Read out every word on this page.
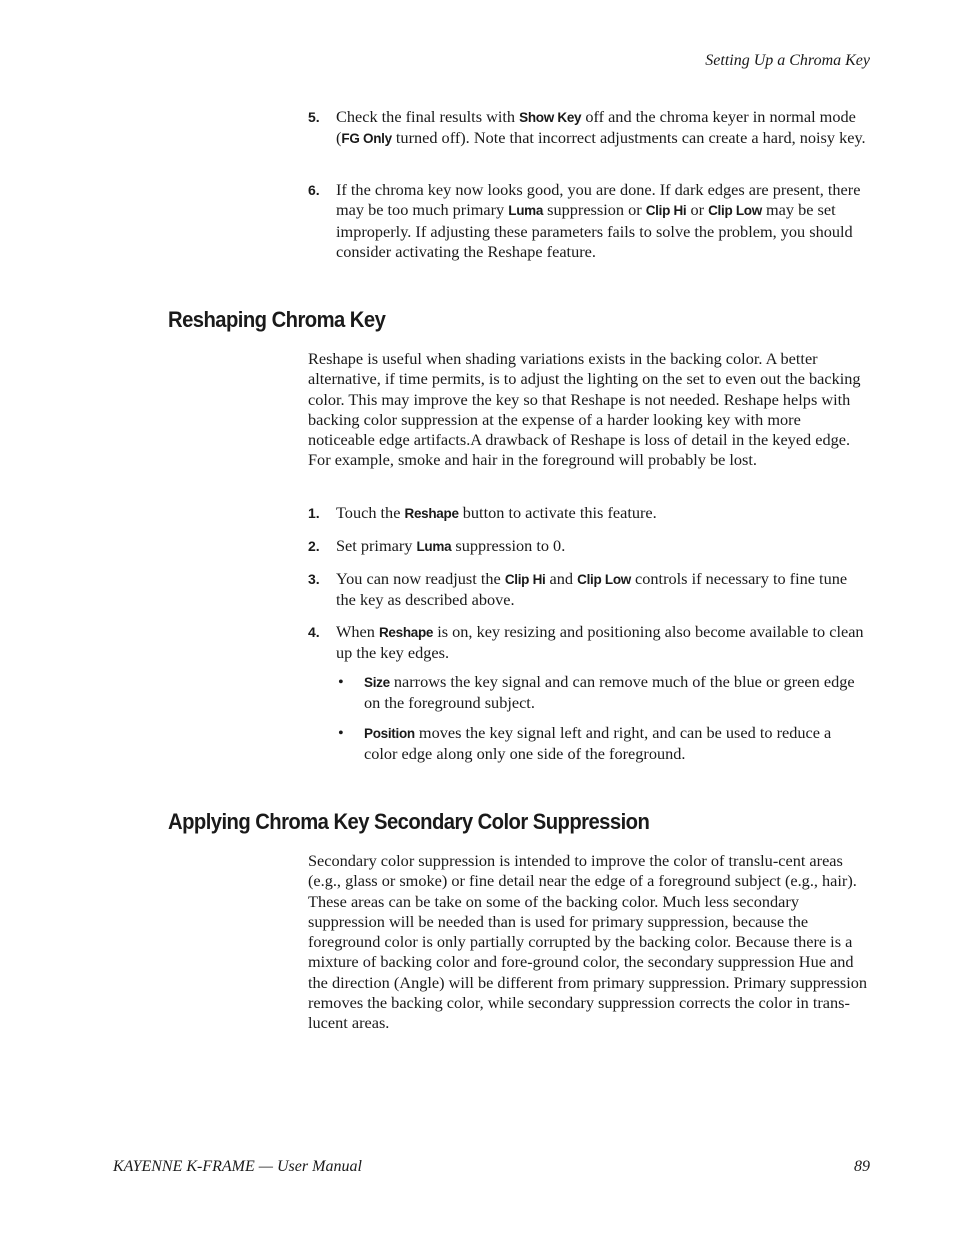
Setting Up a Chroma Key
5. Check the final results with Show Key off and the chroma keyer in normal mode (FG Only turned off). Note that incorrect adjustments can create a hard, noisy key.
6. If the chroma key now looks good, you are done. If dark edges are present, there may be too much primary Luma suppression or Clip Hi or Clip Low may be set improperly. If adjusting these parameters fails to solve the problem, you should consider activating the Reshape feature.
Reshaping Chroma Key
Reshape is useful when shading variations exists in the backing color. A better alternative, if time permits, is to adjust the lighting on the set to even out the backing color. This may improve the key so that Reshape is not needed. Reshape helps with backing color suppression at the expense of a harder looking key with more noticeable edge artifacts.A drawback of Reshape is loss of detail in the keyed edge. For example, smoke and hair in the foreground will probably be lost.
1. Touch the Reshape button to activate this feature.
2. Set primary Luma suppression to 0.
3. You can now readjust the Clip Hi and Clip Low controls if necessary to fine tune the key as described above.
4. When Reshape is on, key resizing and positioning also become available to clean up the key edges.
• Size narrows the key signal and can remove much of the blue or green edge on the foreground subject.
• Position moves the key signal left and right, and can be used to reduce a color edge along only one side of the foreground.
Applying Chroma Key Secondary Color Suppression
Secondary color suppression is intended to improve the color of translu-cent areas (e.g., glass or smoke) or fine detail near the edge of a foreground subject (e.g., hair). These areas can be take on some of the backing color. Much less secondary suppression will be needed than is used for primary suppression, because the foreground color is only partially corrupted by the backing color. Because there is a mixture of backing color and fore-ground color, the secondary suppression Hue and the direction (Angle) will be different from primary suppression. Primary suppression removes the backing color, while secondary suppression corrects the color in trans-lucent areas.
KAYENNE K-FRAME — User Manual	89
